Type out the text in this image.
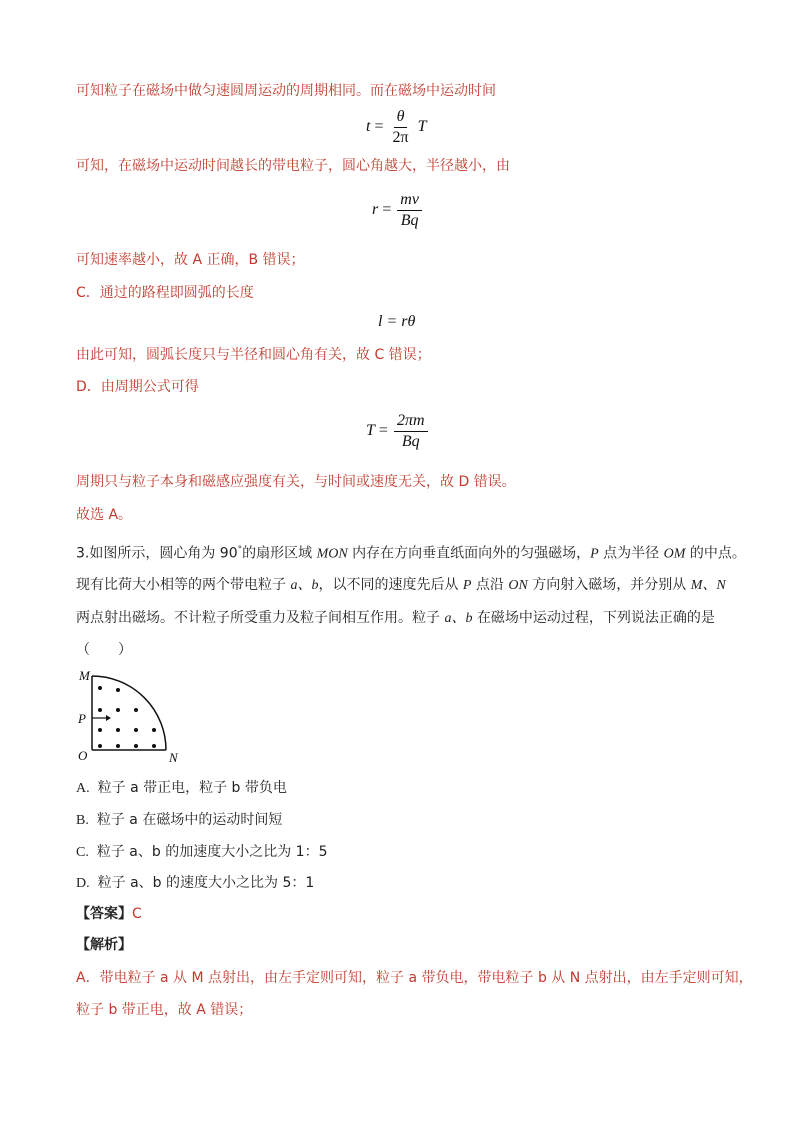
可知粒子在磁场中做匀速圆周运动的周期相同。而在磁场中运动时间
$t = \frac{\theta}{2\pi}$ T
可知，在磁场中运动时间越长的带电粒子，圆心角越大，半径越小，由
$r = \frac{mv}{Bq}$
可知速率越小，故 A 正确，B 错误；
C．通过的路程即圆弧的长度
l = rθ
由此可知，圆弧长度只与半径和圆心角有关，故 C 错误；
D．由周期公式可得
$T = \frac{2\pi m}{Bq}$
周期只与粒子本身和磁感应强度有关，与时间或速度无关，故 D 错误。
故选 A。
3.如图所示，圆心角为 90°的扇形区域 MON 内存在方向垂直纸面向外的匀强磁场，P 点为半径 OM 的中点。
现有比荷大小相等的两个带电粒子 a、b，以不同的速度先后从 P 点沿 ON 方向射入磁场，并分别从 M、N
两点射出磁场。不计粒子所受重力及粒子间相互作用。粒子 a、b 在磁场中运动过程，下列说法正确的是
（　　）
M
P
O	N
A. 粒子 a 带正电，粒子 b 带负电
B. 粒子 a 在磁场中的运动时间短
C. 粒子 a、b 的加速度大小之比为 1：5
D. 粒子 a、b 的速度大小之比为 5：1
【答案】C
【解析】
A．带电粒子 a 从 M 点射出，由左手定则可知，粒子 a 带负电，带电粒子 b 从 N 点射出，由左手定则可知，
粒子 b 带正电，故 A 错误；
